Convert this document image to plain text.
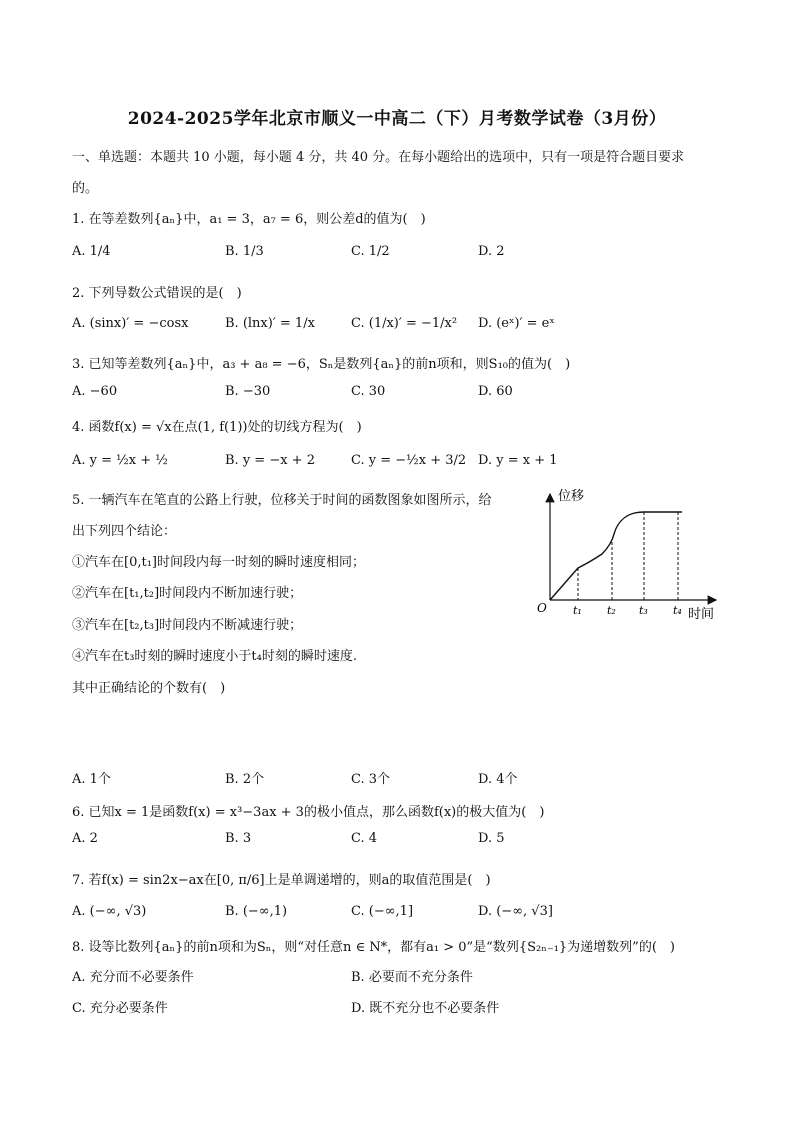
2024-2025学年北京市顺义一中高二（下）月考数学试卷（3月份）
一、单选题：本题共 10 小题，每小题 4 分，共 40 分。在每小题给出的选项中，只有一项是符合题目要求
的。
1. 在等差数列{aₙ}中，a₁ = 3，a₇ = 6，则公差d的值为(　)
A. 1/4	B. 1/3	C. 1/2	D. 2
2. 下列导数公式错误的是(　)
A. (sinx)′ = −cosx	B. (lnx)′ = 1/x	C. (1/x)′ = −1/x² D. (eˣ)′ = eˣ
3. 已知等差数列{aₙ}中，a₃ + a₈ = −6，Sₙ是数列{aₙ}的前n项和，则S₁₀的值为(　)
A. −60	B. −30	C. 30	D. 60
4. 函数f(x) = √x在点(1, f(1))处的切线方程为(　)
A. y = ½x + ½	B. y = −x + 2	C. y = −½x + 3/2 D. y = x + 1
5. 一辆汽车在笔直的公路上行驶，位移关于时间的函数图象如图所示，给
出下列四个结论：
①汽车在[0,t₁]时间段内每一时刻的瞬时速度相同；
②汽车在[t₁,t₂]时间段内不断加速行驶；
③汽车在[t₂,t₃]时间段内不断减速行驶；
④汽车在t₃时刻的瞬时速度小于t₄时刻的瞬时速度.
其中正确结论的个数有(　)
位移
时间
O t₁ t₂ t₃ t₄
A. 1个	B. 2个	C. 3个	D. 4个
6. 已知x = 1是函数f(x) = x³−3ax + 3的极小值点，那么函数f(x)的极大值为(　)
A. 2	B. 3	C. 4	D. 5
7. 若f(x) = sin2x−ax在[0, π/6]上是单调递增的，则a的取值范围是(　)
A. (−∞, √3)	B. (−∞,1)	C. (−∞,1]	D. (−∞, √3]
8. 设等比数列{aₙ}的前n项和为Sₙ，则“对任意n ∈ N*，都有a₁ > 0”是“数列{S₂ₙ₋₁}为递增数列”的(　)
A. 充分而不必要条件	B. 必要而不充分条件
C. 充分必要条件	D. 既不充分也不必要条件
